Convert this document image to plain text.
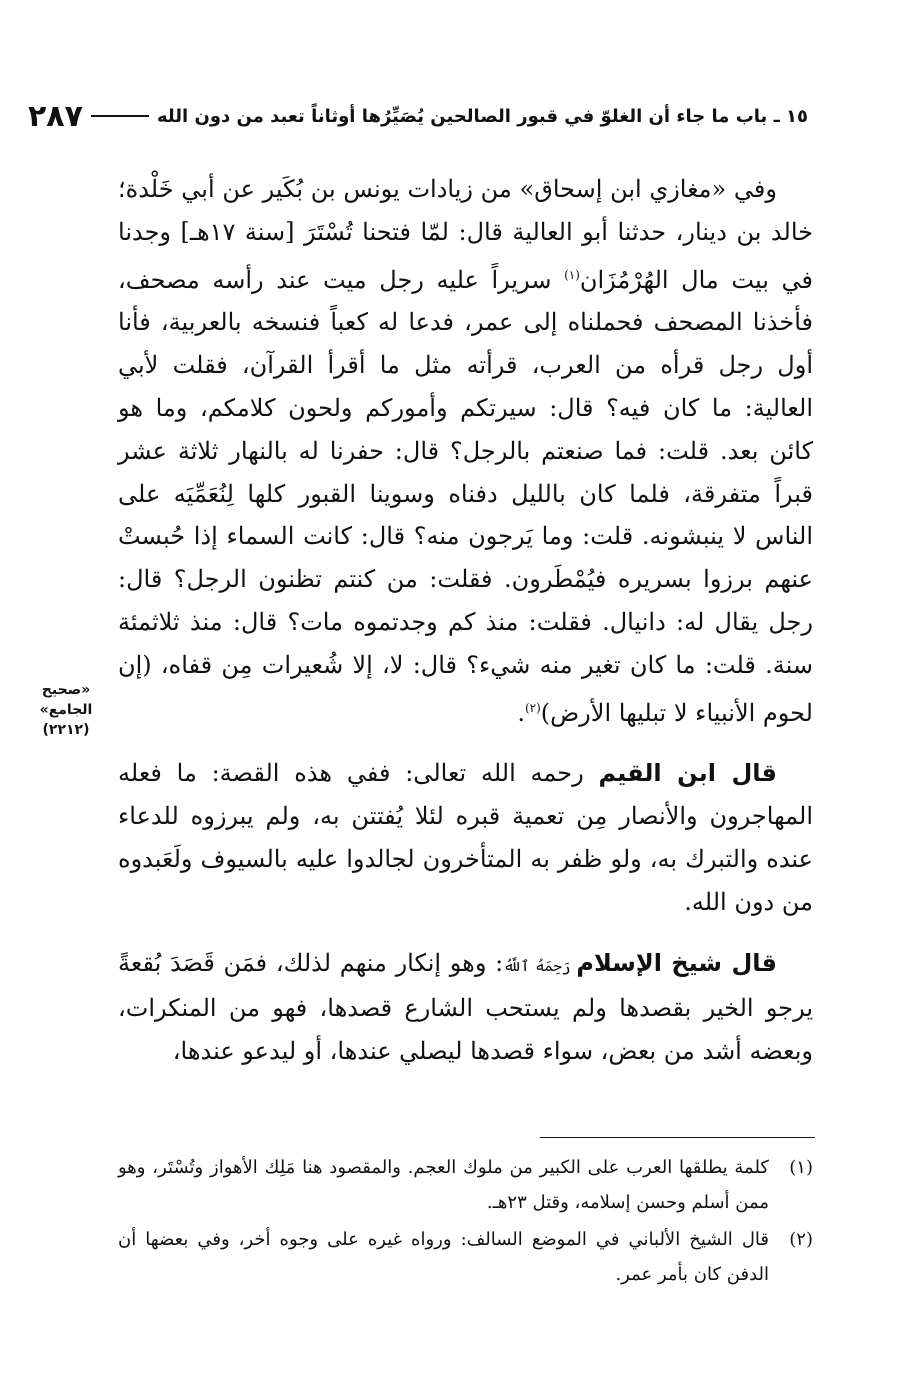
١٥ ـ باب ما جاء أن الغلوّ في قبور الصالحين يُصَيِّرُها أوثاناً تعبد من دون الله
٢٨٧

وفي «مغازي ابن إسحاق» من زيادات يونس بن بُكَير عن أبي خَلْدة؛ خالد بن دينار، حدثنا أبو العالية قال: لمّا فتحنا تُسْتَرَ [سنة ١٧هـ] وجدنا في بيت مال الهُرْمُزَان$^{(١)}$ سريراً عليه رجل ميت عند رأسه مصحف، فأخذنا المصحف فحملناه إلى عمر، فدعا له كعباً فنسخه بالعربية، فأنا أول رجل قرأه من العرب، قرأته مثل ما أقرأ القرآن، فقلت لأبي العالية: ما كان فيه؟ قال: سيرتكم وأموركم ولحون كلامكم، وما هو كائن بعد. قلت: فما صنعتم بالرجل؟ قال: حفرنا له بالنهار ثلاثة عشر قبراً متفرقة، فلما كان بالليل دفناه وسوينا القبور كلها لِنُعَمِّيَه على الناس لا ينبشونه. قلت: وما يَرجون منه؟ قال: كانت السماء إذا حُبستْ عنهم برزوا بسريره فيُمْطَرون. فقلت: من كنتم تظنون الرجل؟ قال: رجل يقال له: دانيال. فقلت: منذ كم وجدتموه مات؟ قال: منذ ثلاثمئة سنة. قلت: ما كان تغير منه شيء؟ قال: لا، إلا شُعيرات مِن قفاه، (إن لحوم الأنبياء لا تبليها الأرض)$^{(٢)}$.

قال ابن القيم رحمه الله تعالى: ففي هذه القصة: ما فعله المهاجرون والأنصار مِن تعمية قبره لئلا يُفتتن به، ولم يبرزوه للدعاء عنده والتبرك به، ولو ظفر به المتأخرون لجالدوا عليه بالسيوف ولَعَبدوه من دون الله.

قال شيخ الإسلام رَحِمَهُ ٱللَّهُ: وهو إنكار منهم لذلك، فمَن قَصَدَ بُقعةً يرجو الخير بقصدها ولم يستحب الشارع قصدها، فهو من المنكرات، وبعضه أشد من بعض، سواء قصدها ليصلي عندها، أو ليدعو عندها،

«صحيح
الجامع»
(٢٢١٢)
(١)
كلمة يطلقها العرب على الكبير من ملوك العجم. والمقصود هنا مَلِك الأهواز وتُسْتَر، وهو ممن أسلم وحسن إسلامه، وقتل ٢٣هـ.
(٢)
قال الشيخ الألباني في الموضع السالف: ورواه غيره على وجوه أخر، وفي بعضها أن الدفن كان بأمر عمر.
